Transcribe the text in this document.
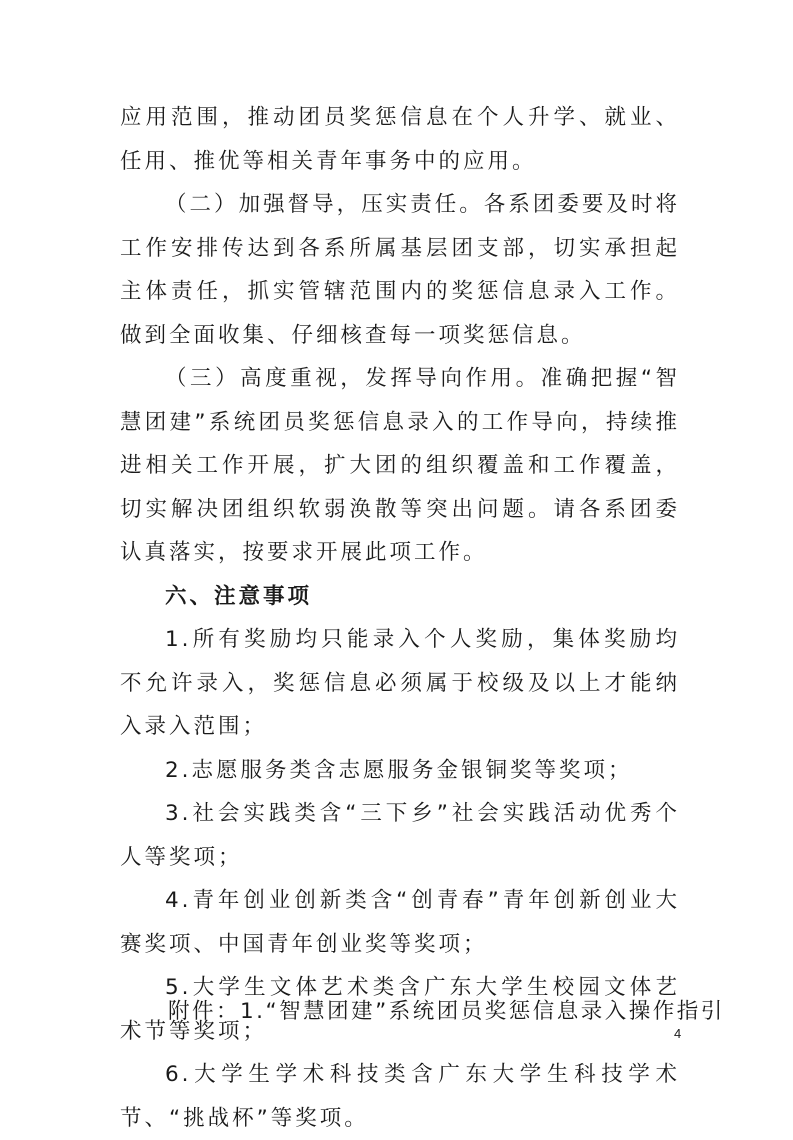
应用范围，推动团员奖惩信息在个人升学、就业、任用、推优等相关青年事务中的应用。

（二）加强督导，压实责任。各系团委要及时将工作安排传达到各系所属基层团支部，切实承担起主体责任，抓实管辖范围内的奖惩信息录入工作。做到全面收集、仔细核查每一项奖惩信息。

（三）高度重视，发挥导向作用。准确把握“智慧团建”系统团员奖惩信息录入的工作导向，持续推进相关工作开展，扩大团的组织覆盖和工作覆盖，切实解决团组织软弱涣散等突出问题。请各系团委认真落实，按要求开展此项工作。

六、注意事项

1.所有奖励均只能录入个人奖励，集体奖励均不允许录入，奖惩信息必须属于校级及以上才能纳入录入范围；

2.志愿服务类含志愿服务金银铜奖等奖项；

3.社会实践类含“三下乡”社会实践活动优秀个人等奖项；

4.青年创业创新类含“创青春”青年创新创业大赛奖项、中国青年创业奖等奖项；

5.大学生文体艺术类含广东大学生校园文体艺术节等奖项；

6.大学生学术科技类含广东大学生科技学术节、“挑战杯”等奖项。

附件：1.“智慧团建”系统团员奖惩信息录入操作指引
4
